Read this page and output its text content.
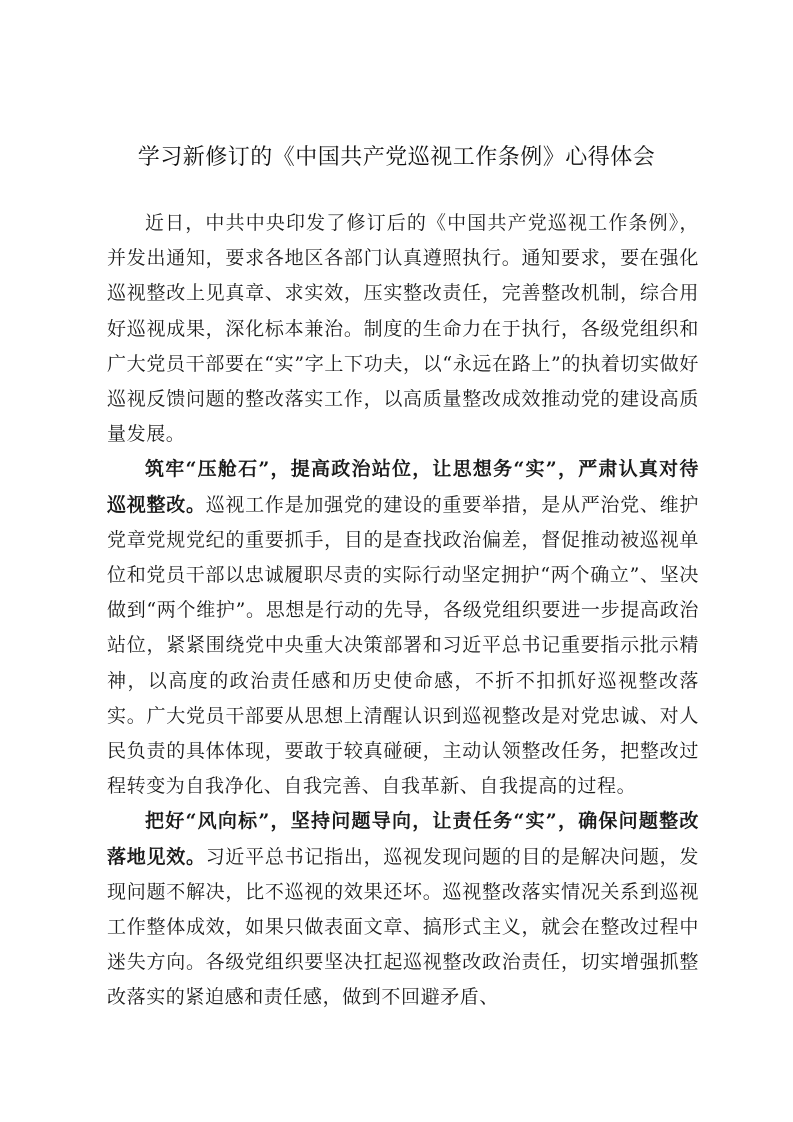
学习新修订的《中国共产党巡视工作条例》心得体会

近日，中共中央印发了修订后的《中国共产党巡视工作条例》，并发出通知，要求各地区各部门认真遵照执行。通知要求，要在强化巡视整改上见真章、求实效，压实整改责任，完善整改机制，综合用好巡视成果，深化标本兼治。制度的生命力在于执行，各级党组织和广大党员干部要在“实”字上下功夫，以“永远在路上”的执着切实做好巡视反馈问题的整改落实工作，以高质量整改成效推动党的建设高质量发展。

筑牢“压舱石”，提高政治站位，让思想务“实”，严肃认真对待巡视整改。巡视工作是加强党的建设的重要举措，是从严治党、维护党章党规党纪的重要抓手，目的是查找政治偏差，督促推动被巡视单位和党员干部以忠诚履职尽责的实际行动坚定拥护“两个确立”、坚决做到“两个维护”。思想是行动的先导，各级党组织要进一步提高政治站位，紧紧围绕党中央重大决策部署和习近平总书记重要指示批示精神，以高度的政治责任感和历史使命感，不折不扣抓好巡视整改落实。广大党员干部要从思想上清醒认识到巡视整改是对党忠诚、对人民负责的具体体现，要敢于较真碰硬，主动认领整改任务，把整改过程转变为自我净化、自我完善、自我革新、自我提高的过程。

把好“风向标”，坚持问题导向，让责任务“实”，确保问题整改落地见效。习近平总书记指出，巡视发现问题的目的是解决问题，发现问题不解决，比不巡视的效果还坏。巡视整改落实情况关系到巡视工作整体成效，如果只做表面文章、搞形式主义，就会在整改过程中迷失方向。各级党组织要坚决扛起巡视整改政治责任，切实增强抓整改落实的紧迫感和责任感，做到不回避矛盾、
